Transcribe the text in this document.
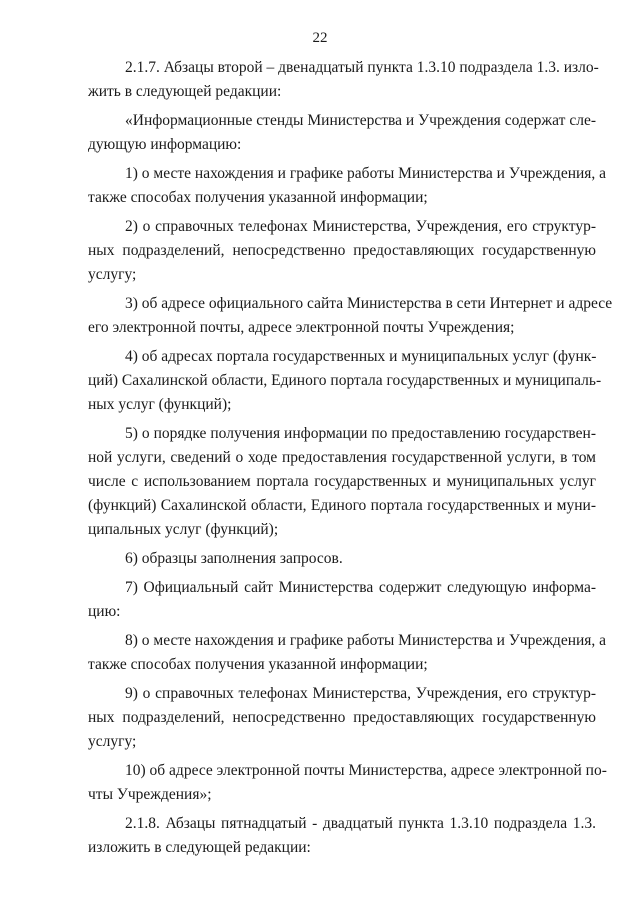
22
2.1.7. Абзацы второй – двенадцатый пункта 1.3.10 подраздела 1.3. изло-
жить в следующей редакции:
«Информационные стенды Министерства и Учреждения содержат сле-
дующую информацию:
1) о месте нахождения и графике работы Министерства и Учреждения, а
также способах получения указанной информации;
2) о справочных телефонах Министерства, Учреждения, его структур-
ных подразделений, непосредственно предоставляющих государственную
услугу;
3) об адресе официального сайта Министерства в сети Интернет и адресе
его электронной почты, адресе электронной почты Учреждения;
4) об адресах портала государственных и муниципальных услуг (функ-
ций) Сахалинской области, Единого портала государственных и муниципаль-
ных услуг (функций);
5) о порядке получения информации по предоставлению государствен-
ной услуги, сведений о ходе предоставления государственной услуги, в том
числе с использованием портала государственных и муниципальных услуг
(функций) Сахалинской области, Единого портала государственных и муни-
ципальных услуг (функций);
6) образцы заполнения запросов.
7) Официальный сайт Министерства содержит следующую информа-
цию:
8) о месте нахождения и графике работы Министерства и Учреждения, а
также способах получения указанной информации;
9) о справочных телефонах Министерства, Учреждения, его структур-
ных подразделений, непосредственно предоставляющих государственную
услугу;
10) об адресе электронной почты Министерства, адресе электронной по-
чты Учреждения»;
2.1.8. Абзацы пятнадцатый - двадцатый пункта 1.3.10 подраздела 1.3.
изложить в следующей редакции:
